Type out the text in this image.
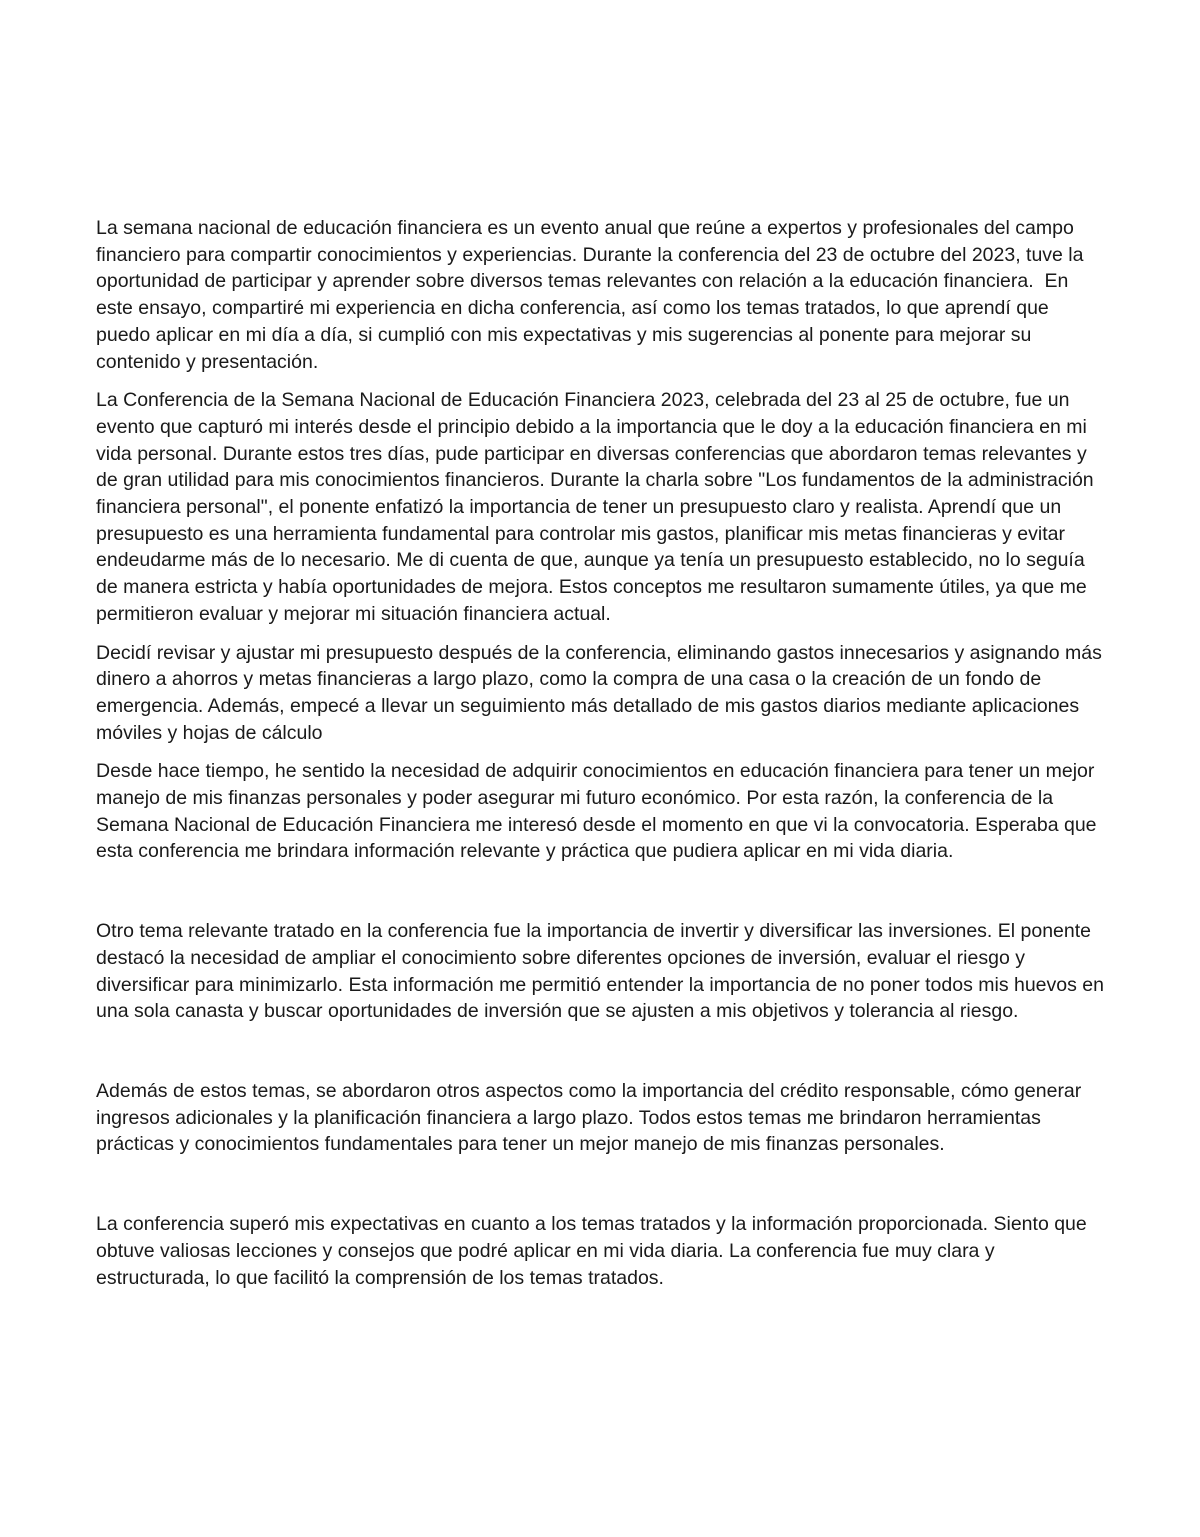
La semana nacional de educación financiera es un evento anual que reúne a expertos y profesionales del campo financiero para compartir conocimientos y experiencias. Durante la conferencia del 23 de octubre del 2023, tuve la oportunidad de participar y aprender sobre diversos temas relevantes con relación a la educación financiera.  En este ensayo, compartiré mi experiencia en dicha conferencia, así como los temas tratados, lo que aprendí que puedo aplicar en mi día a día, si cumplió con mis expectativas y mis sugerencias al ponente para mejorar su contenido y presentación.

La Conferencia de la Semana Nacional de Educación Financiera 2023, celebrada del 23 al 25 de octubre, fue un evento que capturó mi interés desde el principio debido a la importancia que le doy a la educación financiera en mi vida personal. Durante estos tres días, pude participar en diversas conferencias que abordaron temas relevantes y de gran utilidad para mis conocimientos financieros. Durante la charla sobre "Los fundamentos de la administración financiera personal", el ponente enfatizó la importancia de tener un presupuesto claro y realista. Aprendí que un presupuesto es una herramienta fundamental para controlar mis gastos, planificar mis metas financieras y evitar endeudarme más de lo necesario. Me di cuenta de que, aunque ya tenía un presupuesto establecido, no lo seguía de manera estricta y había oportunidades de mejora. Estos conceptos me resultaron sumamente útiles, ya que me permitieron evaluar y mejorar mi situación financiera actual.

Decidí revisar y ajustar mi presupuesto después de la conferencia, eliminando gastos innecesarios y asignando más dinero a ahorros y metas financieras a largo plazo, como la compra de una casa o la creación de un fondo de emergencia. Además, empecé a llevar un seguimiento más detallado de mis gastos diarios mediante aplicaciones móviles y hojas de cálculo

Desde hace tiempo, he sentido la necesidad de adquirir conocimientos en educación financiera para tener un mejor manejo de mis finanzas personales y poder asegurar mi futuro económico. Por esta razón, la conferencia de la Semana Nacional de Educación Financiera me interesó desde el momento en que vi la convocatoria. Esperaba que esta conferencia me brindara información relevante y práctica que pudiera aplicar en mi vida diaria.

Otro tema relevante tratado en la conferencia fue la importancia de invertir y diversificar las inversiones. El ponente destacó la necesidad de ampliar el conocimiento sobre diferentes opciones de inversión, evaluar el riesgo y diversificar para minimizarlo. Esta información me permitió entender la importancia de no poner todos mis huevos en una sola canasta y buscar oportunidades de inversión que se ajusten a mis objetivos y tolerancia al riesgo.

Además de estos temas, se abordaron otros aspectos como la importancia del crédito responsable, cómo generar ingresos adicionales y la planificación financiera a largo plazo. Todos estos temas me brindaron herramientas prácticas y conocimientos fundamentales para tener un mejor manejo de mis finanzas personales.

La conferencia superó mis expectativas en cuanto a los temas tratados y la información proporcionada. Siento que obtuve valiosas lecciones y consejos que podré aplicar en mi vida diaria. La conferencia fue muy clara y estructurada, lo que facilitó la comprensión de los temas tratados.
